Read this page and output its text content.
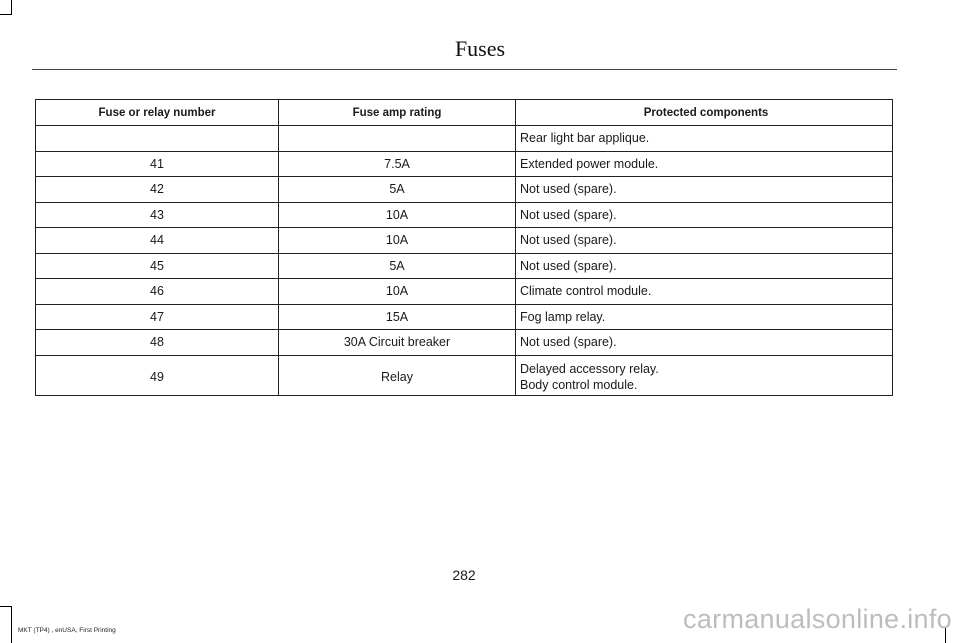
Fuses
Fuse or relay number	Fuse amp rating	Protected components
		Rear light bar applique.
41	7.5A	Extended power module.
42	5A	Not used (spare).
43	10A	Not used (spare).
44	10A	Not used (spare).
45	5A	Not used (spare).
46	10A	Climate control module.
47	15A	Fog lamp relay.
48	30A Circuit breaker	Not used (spare).
49	Relay	Delayed accessory relay.
Body control module.
282
MKT (TP4) , enUSA, First Printing	carmanualsonline.info
